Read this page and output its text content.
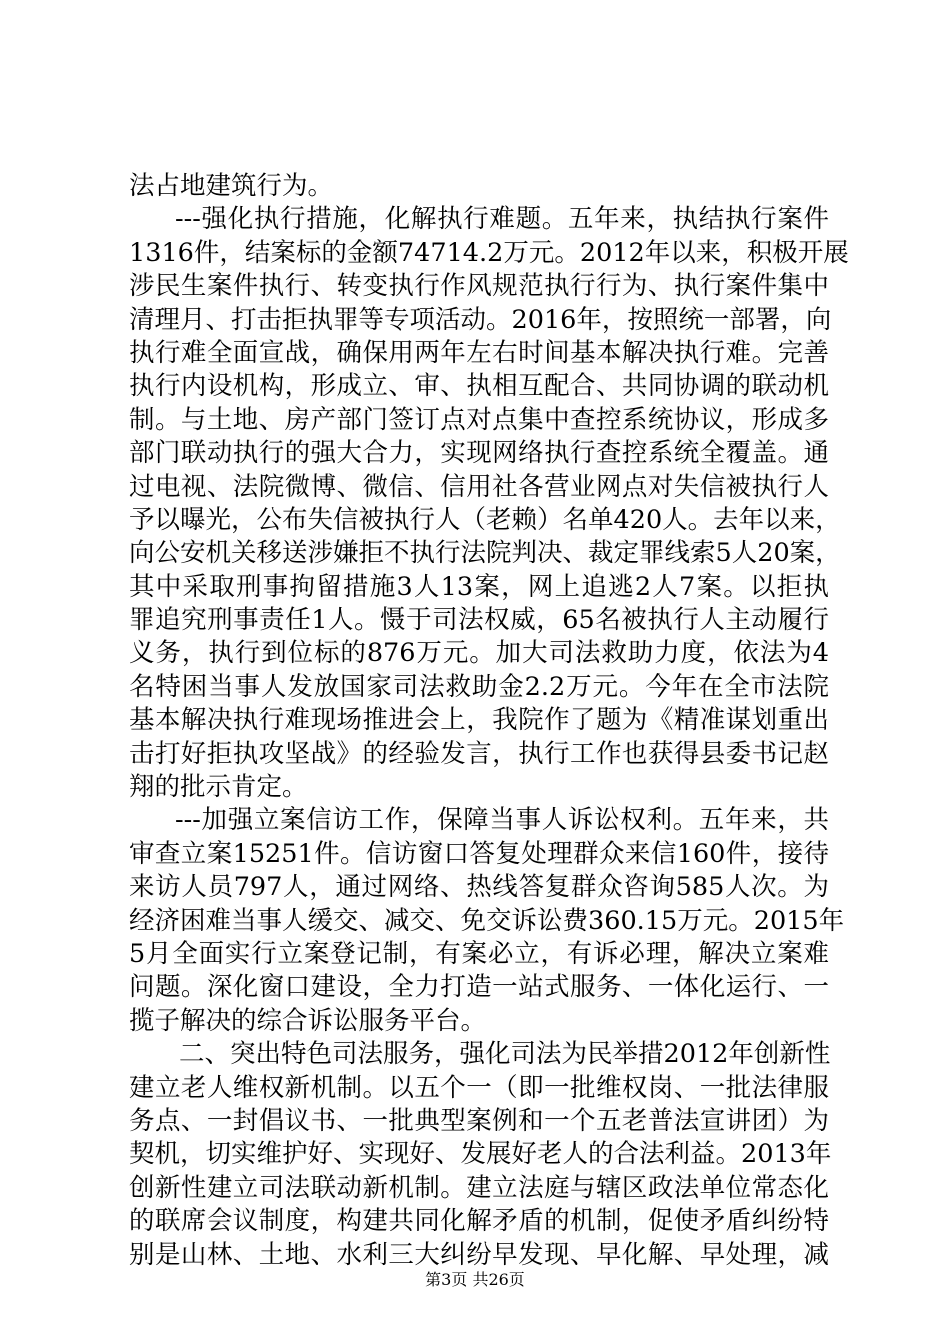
法占地建筑行为。
---强化执行措施，化解执行难题。五年来，执结执行案件
1316件，结案标的金额74714.2万元。2012年以来，积极开展
涉民生案件执行、转变执行作风规范执行行为、执行案件集中
清理月、打击拒执罪等专项活动。2016年，按照统一部署，向
执行难全面宣战，确保用两年左右时间基本解决执行难。完善
执行内设机构，形成立、审、执相互配合、共同协调的联动机
制。与土地、房产部门签订点对点集中查控系统协议，形成多
部门联动执行的强大合力，实现网络执行查控系统全覆盖。通
过电视、法院微博、微信、信用社各营业网点对失信被执行人
予以曝光，公布失信被执行人（老赖）名单420人。去年以来，
向公安机关移送涉嫌拒不执行法院判决、裁定罪线索5人20案，
其中采取刑事拘留措施3人13案，网上追逃2人7案。以拒执
罪追究刑事责任1人。慑于司法权威，65名被执行人主动履行
义务，执行到位标的876万元。加大司法救助力度，依法为4
名特困当事人发放国家司法救助金2.2万元。今年在全市法院
基本解决执行难现场推进会上，我院作了题为《精准谋划重出
击打好拒执攻坚战》的经验发言，执行工作也获得县委书记赵
翔的批示肯定。
---加强立案信访工作，保障当事人诉讼权利。五年来，共
审查立案15251件。信访窗口答复处理群众来信160件，接待
来访人员797人，通过网络、热线答复群众咨询585人次。为
经济困难当事人缓交、减交、免交诉讼费360.15万元。2015年
5月全面实行立案登记制，有案必立，有诉必理，解决立案难
问题。深化窗口建设，全力打造一站式服务、一体化运行、一
揽子解决的综合诉讼服务平台。
二、突出特色司法服务，强化司法为民举措2012年创新性
建立老人维权新机制。以五个一（即一批维权岗、一批法律服
务点、一封倡议书、一批典型案例和一个五老普法宣讲团）为
契机，切实维护好、实现好、发展好老人的合法利益。2013年
创新性建立司法联动新机制。建立法庭与辖区政法单位常态化
的联席会议制度，构建共同化解矛盾的机制，促使矛盾纠纷特
别是山林、土地、水利三大纠纷早发现、早化解、早处理，减
第3页 共26页
